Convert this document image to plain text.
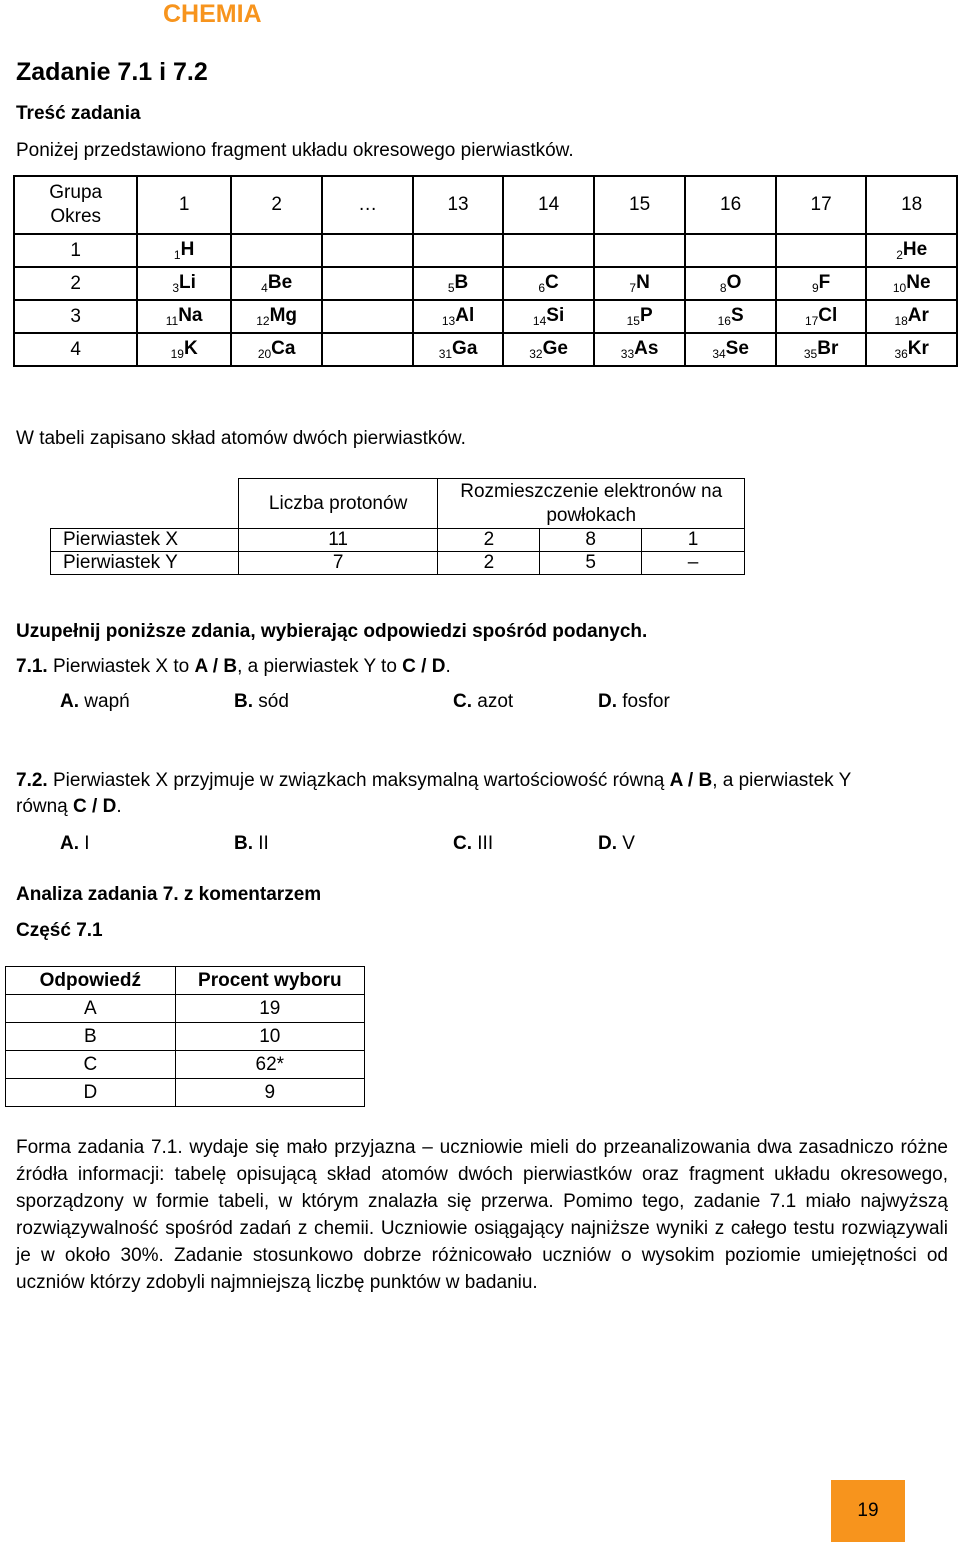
CHEMIA
Zadanie 7.1 i 7.2
Treść zadania
Poniżej przedstawiono fragment układu okresowego pierwiastków.
Grupa
Okres	1	2	…	13	14	15	16	17	18
1	$_1$H								$_2$He
2	$_3$Li	$_4$Be		$_5$B	$_6$C	$_7$N	$_8$O	$_9$F	$_{10}$Ne
3	$_{11}$Na	$_{12}$Mg		$_{13}$Al	$_{14}$Si	$_{15}$P	$_{16}$S	$_{17}$Cl	$_{18}$Ar
4	$_{19}$K	$_{20}$Ca		$_{31}$Ga	$_{32}$Ge	$_{33}$As	$_{34}$Se	$_{35}$Br	$_{36}$Kr
W tabeli zapisano skład atomów dwóch pierwiastków.
	Liczba protonów	Rozmieszczenie elektronów na powłokach		
Pierwiastek X	11	2	8	1
Pierwiastek Y	7	2	5	–
Uzupełnij poniższe zdania, wybierając odpowiedzi spośród podanych.
7.1. Pierwiastek X to A / B, a pierwiastek Y to C / D.
A. wapń	B. sód	C. azot	D. fosfor
7.2. Pierwiastek X przyjmuje w związkach maksymalną wartościowość równą A / B, a pierwiastek Y
równą C / D.
A. I	B. II	C. III	D. V
Analiza zadania 7. z komentarzem
Część 7.1
Odpowiedź	Procent wyboru
A	19
B	10
C	62*
D	9
Forma zadania 7.1. wydaje się mało przyjazna – uczniowie mieli do przeanalizowania dwa zasadniczo różne źródła informacji: tabelę opisującą skład atomów dwóch pierwiastków oraz fragment układu okresowego, sporządzony w formie tabeli, w którym znalazła się przerwa. Pomimo tego, zadanie 7.1 miało najwyższą rozwiązywalność spośród zadań z chemii. Uczniowie osiągający najniższe wyniki z całego testu rozwiązywali je w około 30%. Zadanie stosunkowo dobrze różnicowało uczniów o wysokim poziomie umiejętności od uczniów którzy zdobyli najmniejszą liczbę punktów w badaniu.
19
